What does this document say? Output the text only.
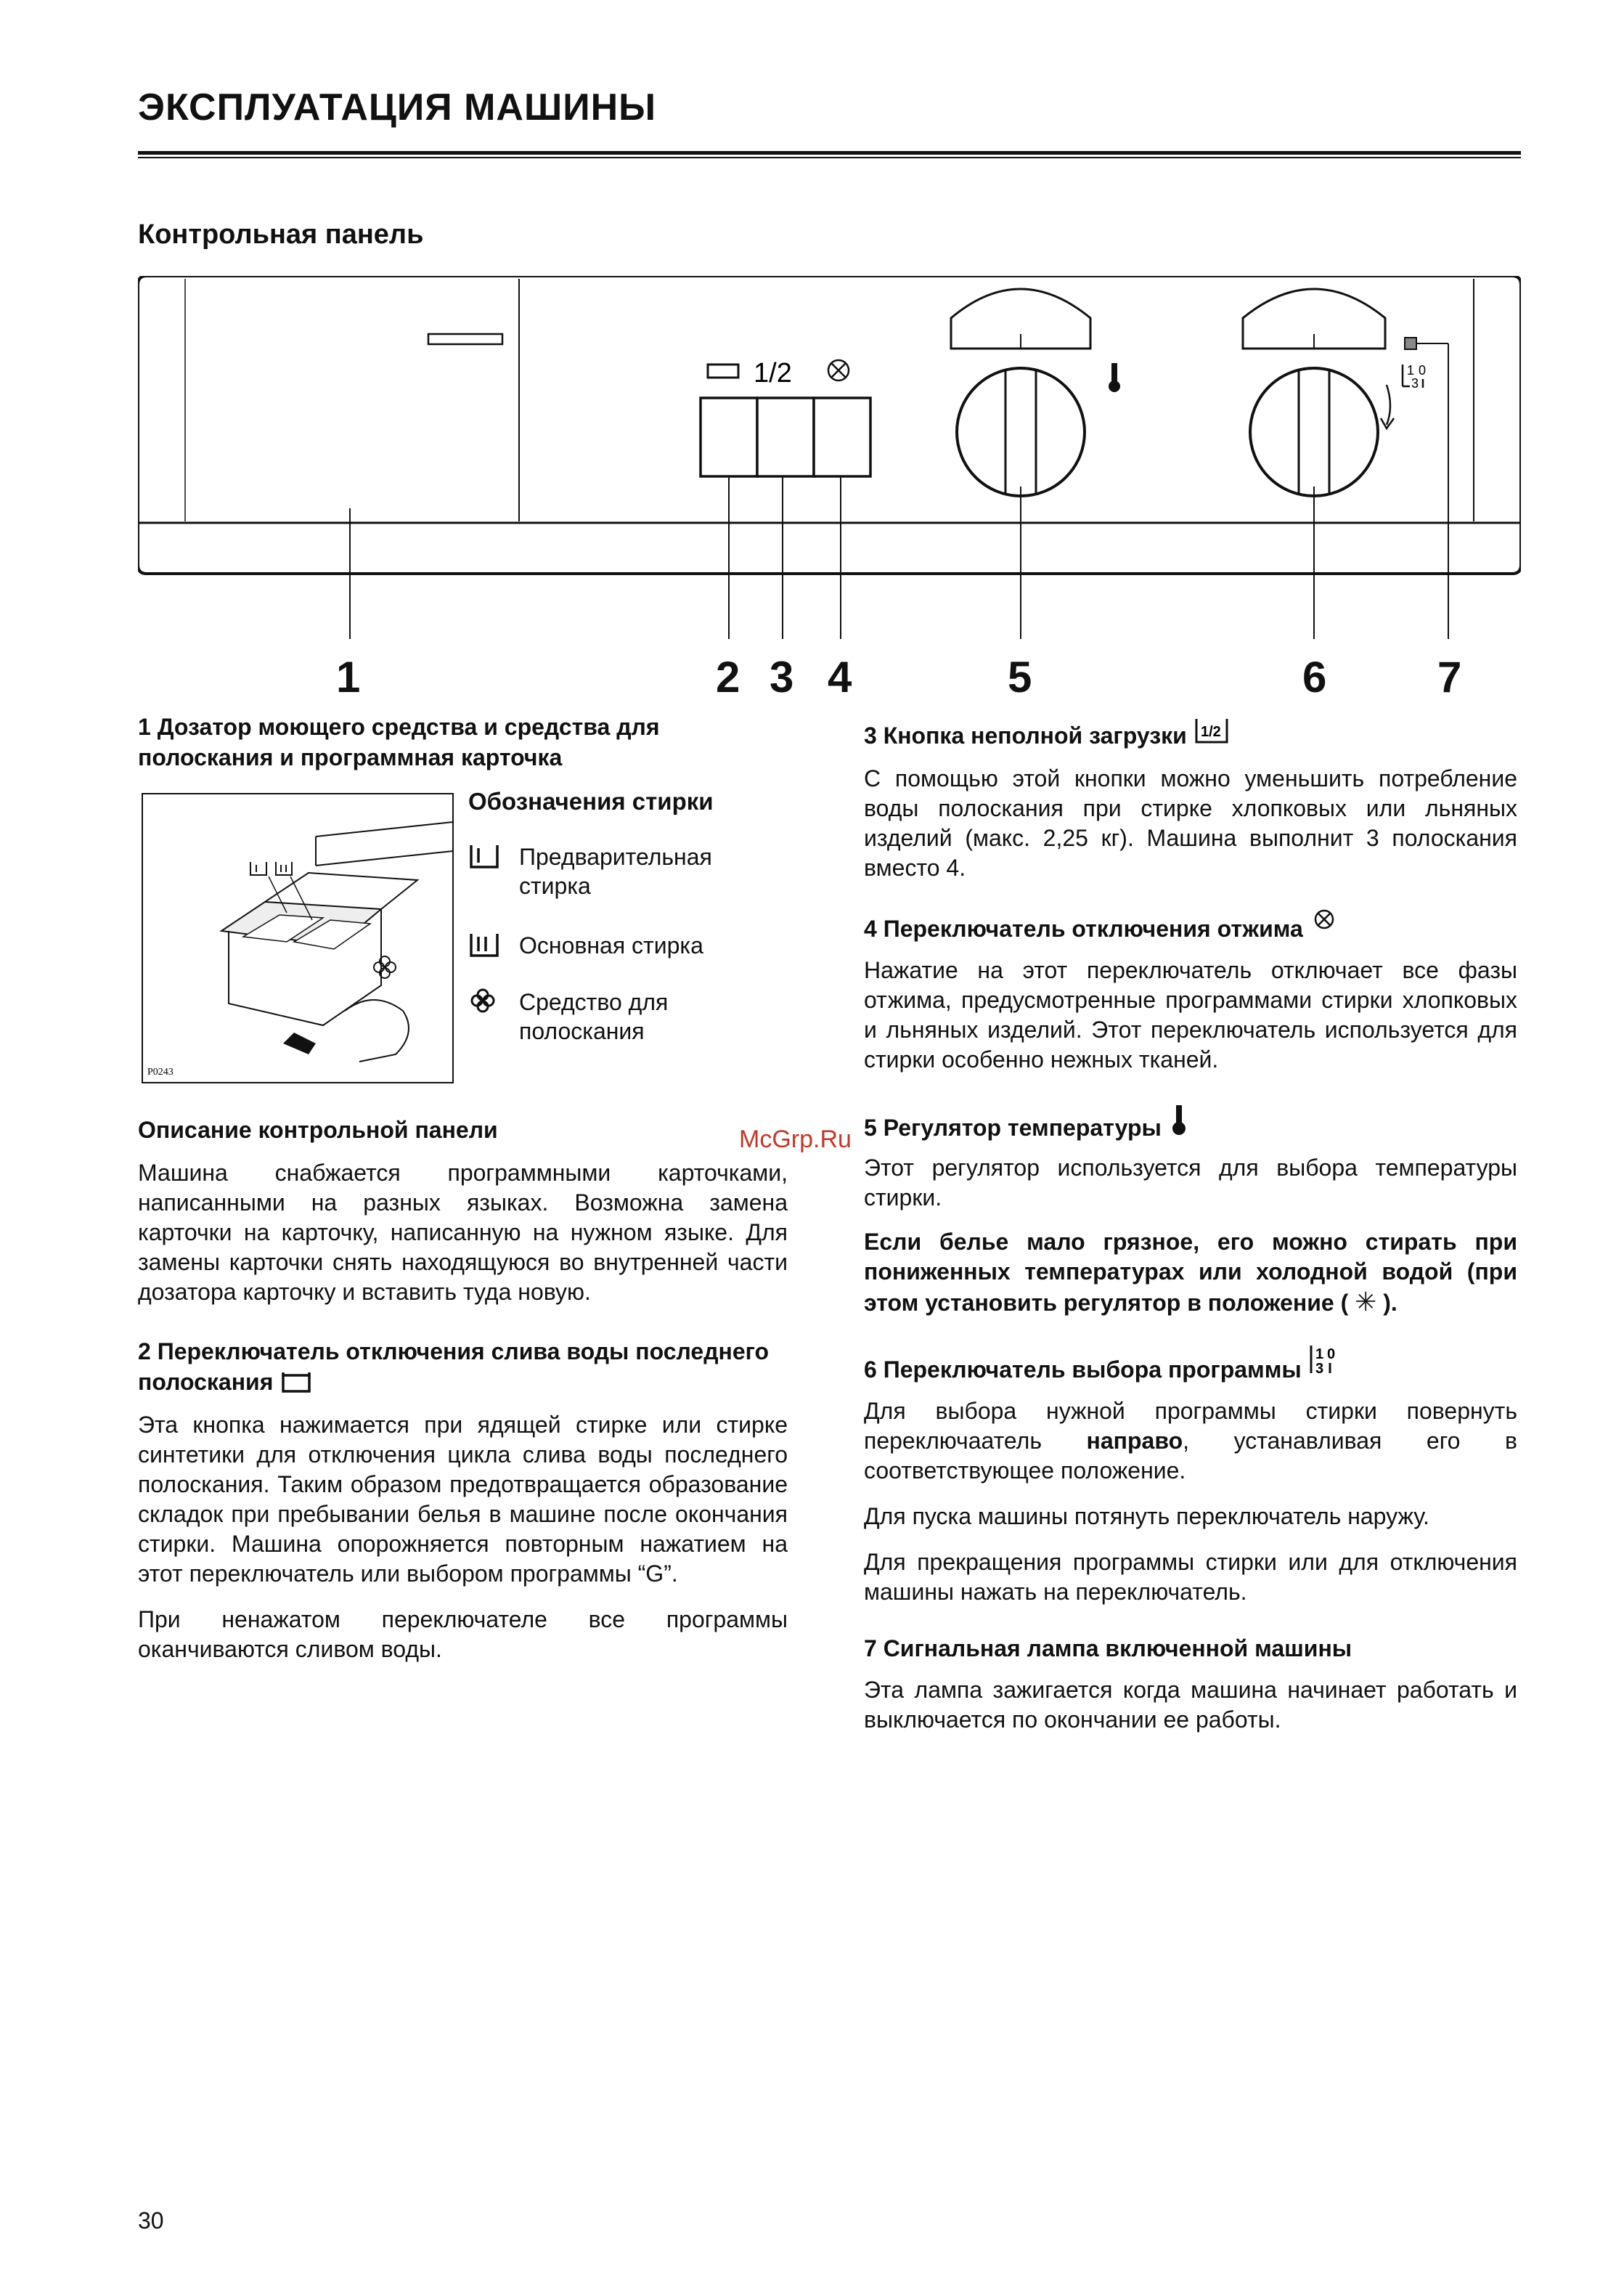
ЭКСПЛУАТАЦИЯ МАШИНЫ
Контрольная панель
1/2	1 0
3
1	2 3 4	5	6	7

1 Дозатор моющего средства и средства для полоскания и программная карточка

P0243
Обозначения стирки
Предварительная стирка
Основная стирка
Средство для полоскания

Описание контрольной панели

Машина снабжается программными карточками, написанными на разных языках. Возможна замена карточки на карточку, написанную на нужном языке. Для замены карточки снять находящуюся во внутренней части дозатора карточку и вставить туда новую.

2 Переключатель отключения слива воды последнего полоскания

Эта кнопка нажимается при ядящей стирке или стирке синтетики для отключения цикла слива воды последнего полоскания. Таким образом предотвращается образование складок при пребывании белья в машине после окончания стирки. Машина опорожняется повторным нажатием на этот переключатель или выбором программы “G”.

При ненажатом переключателе все программы оканчиваются сливом воды.

3 Кнопка неполной загрузки 1/2

С помощью этой кнопки можно уменьшить потребление воды полоскания при стирке хлопковых или льняных изделий (макс. 2,25 кг). Машина выполнит 3 полоскания вместо 4.

4 Переключатель отключения отжима

Нажатие на этот переключатель отключает все фазы отжима, предусмотренные программами стирки хлопковых и льняных изделий. Этот переключатель используется для стирки особенно нежных тканей.

5 Регулятор температуры

Этот регулятор используется для выбора температуры стирки.

Если белье мало грязное, его можно стирать при пониженных температурах или холодной водой (при этом установить регулятор в положение ( ✳ ).

6 Переключатель выбора программы
1 0
3

Для выбора нужной программы стирки повернуть переключаатель направо, устанавливая его в соответствующее положение.

Для пуска машины потянуть переключатель наружу.

Для прекращения программы стирки или для отключения машины нажать на переключатель.

7 Сигнальная лампа включенной машины

Эта лампа зажигается когда машина начинает работать и выключается по окончании ее работы.

McGrp.Ru
30
